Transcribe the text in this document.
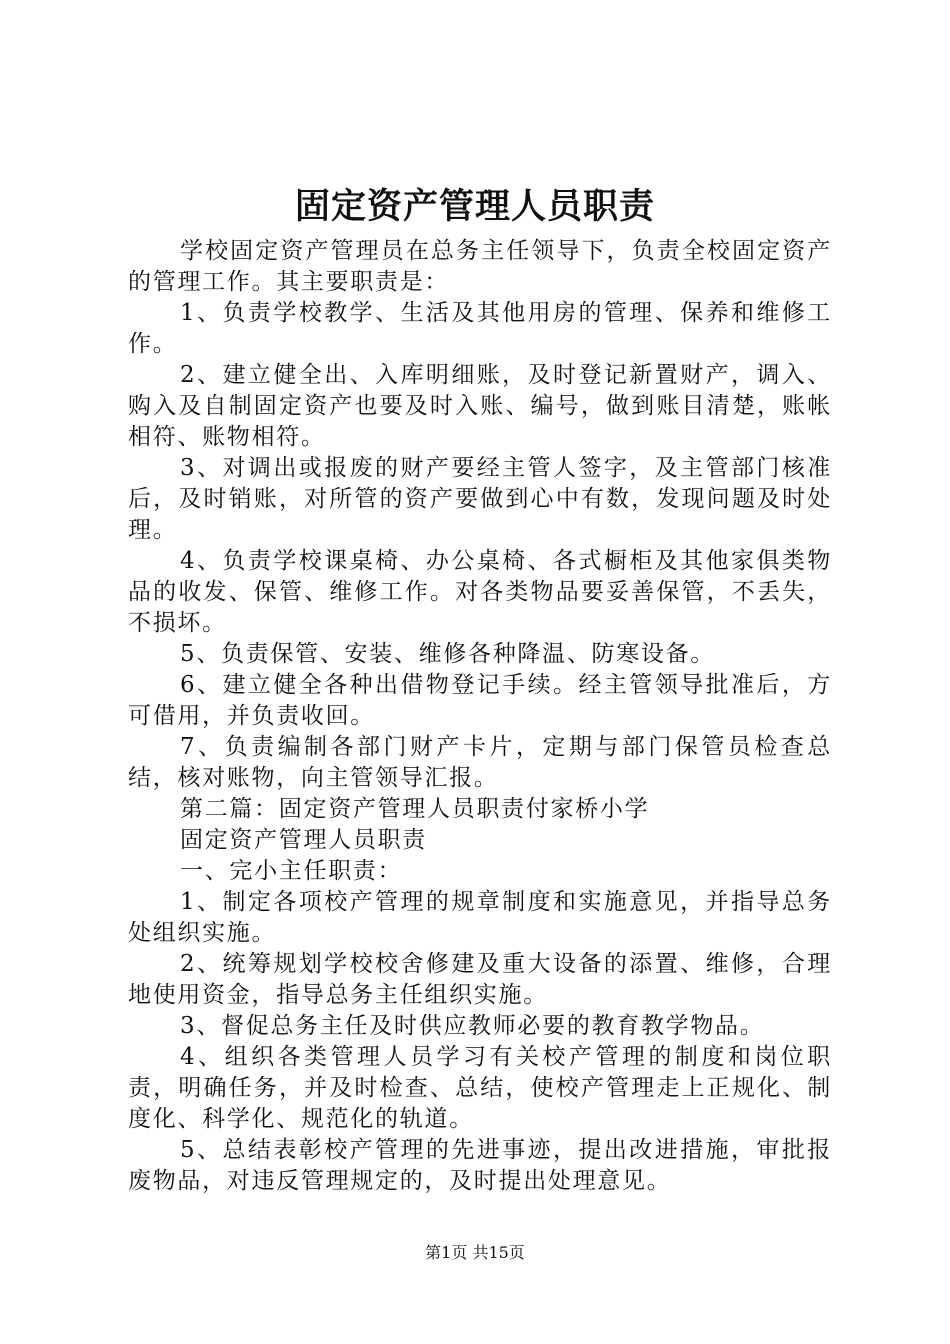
固定资产管理人员职责

学校固定资产管理员在总务主任领导下，负责全校固定资产的管理工作。其主要职责是：

1、负责学校教学、生活及其他用房的管理、保养和维修工作。

2、建立健全出、入库明细账，及时登记新置财产，调入、购入及自制固定资产也要及时入账、编号，做到账目清楚，账帐相符、账物相符。

3、对调出或报废的财产要经主管人签字，及主管部门核准后，及时销账，对所管的资产要做到心中有数，发现问题及时处理。

4、负责学校课桌椅、办公桌椅、各式橱柜及其他家俱类物品的收发、保管、维修工作。对各类物品要妥善保管，不丢失，不损坏。

5、负责保管、安装、维修各种降温、防寒设备。

6、建立健全各种出借物登记手续。经主管领导批准后，方可借用，并负责收回。

7、负责编制各部门财产卡片，定期与部门保管员检查总结，核对账物，向主管领导汇报。

第二篇：固定资产管理人员职责付家桥小学

固定资产管理人员职责

一、完小主任职责：

1、制定各项校产管理的规章制度和实施意见，并指导总务处组织实施。

2、统筹规划学校校舍修建及重大设备的添置、维修，合理地使用资金，指导总务主任组织实施。

3、督促总务主任及时供应教师必要的教育教学物品。

4、组织各类管理人员学习有关校产管理的制度和岗位职责，明确任务，并及时检查、总结，使校产管理走上正规化、制度化、科学化、规范化的轨道。

5、总结表彰校产管理的先进事迹，提出改进措施，审批报废物品，对违反管理规定的，及时提出处理意见。

第1页 共15页
